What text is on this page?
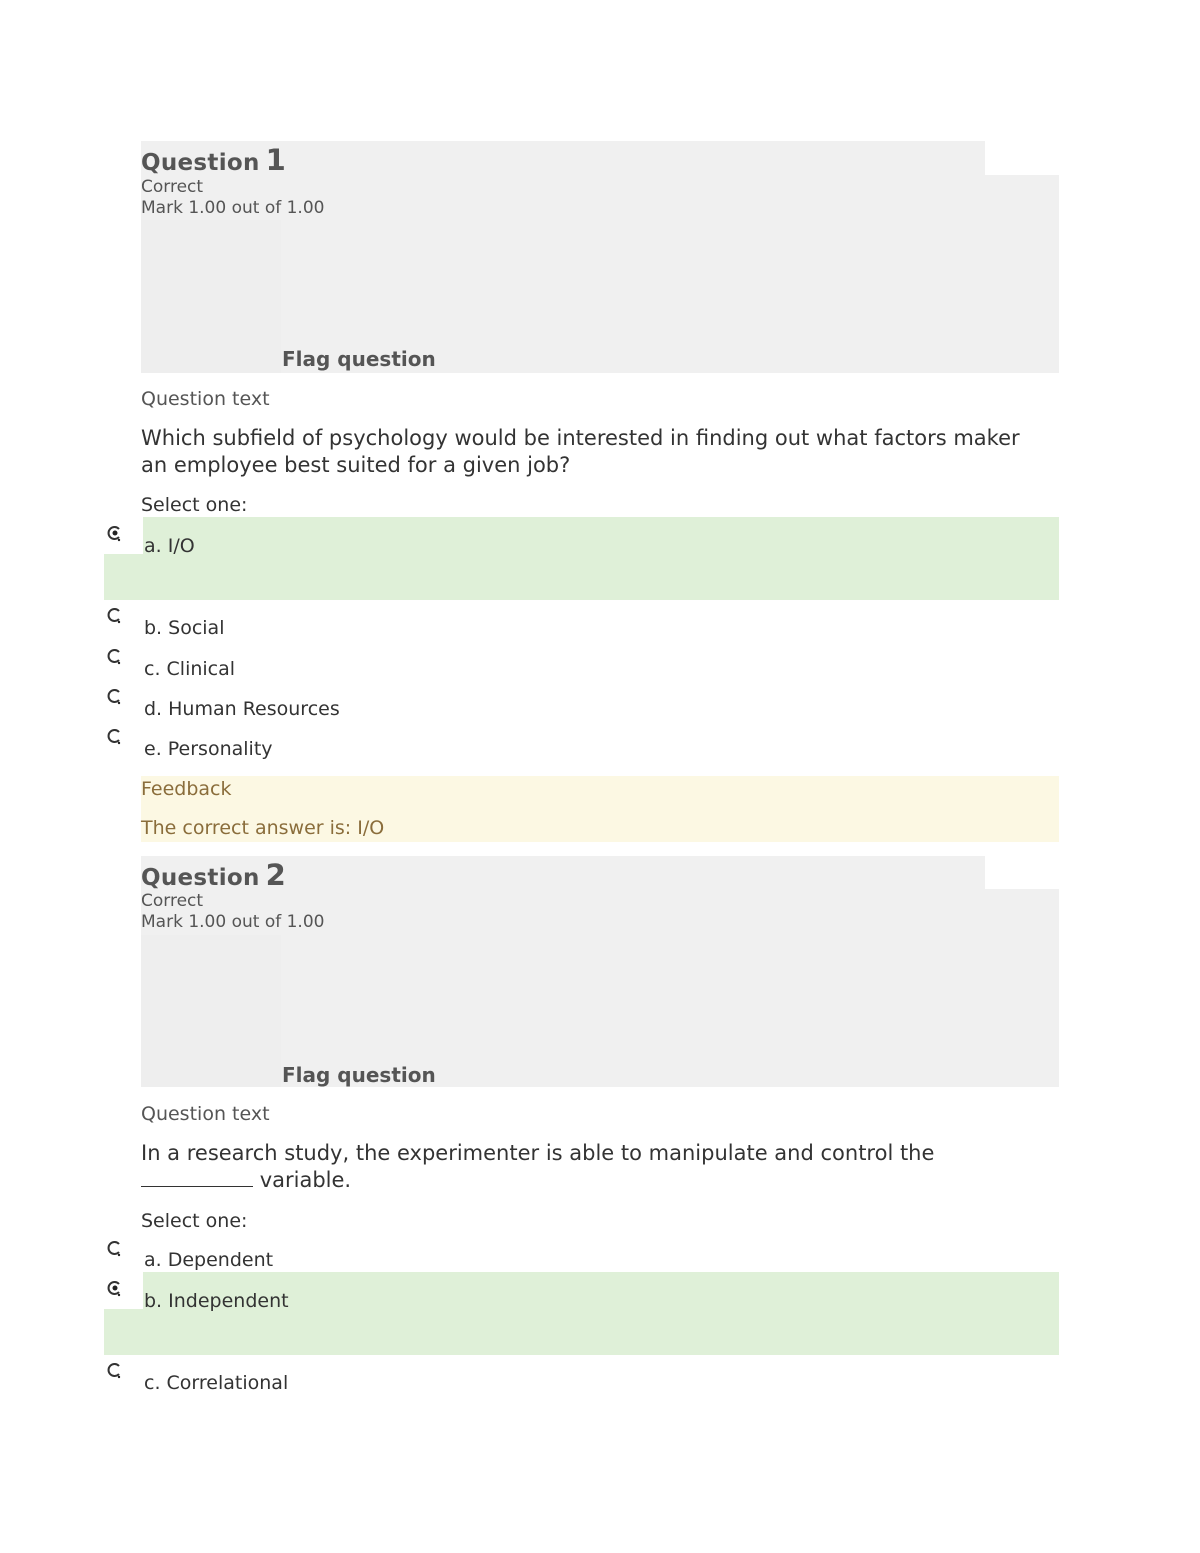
Question 1
Correct
Mark 1.00 out of 1.00
Flag question
Question text
Which subfield of psychology would be interested in finding out what factors maker an employee best suited for a given job?
Select one:
a. I/O
b. Social
c. Clinical
d. Human Resources
e. Personality
Feedback
The correct answer is: I/O
Question 2
Correct
Mark 1.00 out of 1.00
Flag question
Question text
In a research study, the experimenter is able to manipulate and control the  variable.
Select one:
a. Dependent
b. Independent
c. Correlational
